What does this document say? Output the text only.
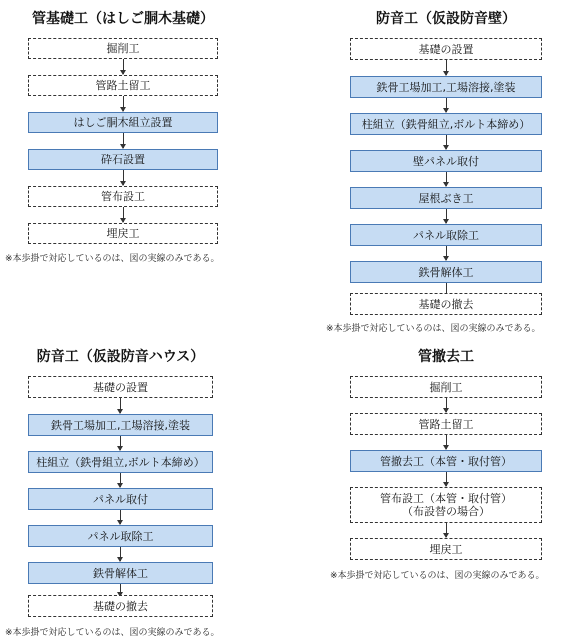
管基礎工（はしご胴木基礎）
掘削工
管路土留工
はしご胴木組立設置
砕石設置
管布設工
埋戻工
※本歩掛で対応しているのは、図の実線のみである。
防音工（仮設防音壁）
基礎の設置
鉄骨工場加工,工場溶接,塗装
柱組立（鉄骨組立,ボルト本締め）
壁パネル取付
屋根ぶき工
パネル取除工
鉄骨解体工
基礎の撤去
※本歩掛で対応しているのは、図の実線のみである。
防音工（仮設防音ハウス）
基礎の設置
鉄骨工場加工,工場溶接,塗装
柱組立（鉄骨組立,ボルト本締め）
パネル取付
パネル取除工
鉄骨解体工
基礎の撤去
※本歩掛で対応しているのは、図の実線のみである。
管撤去工
掘削工
管路土留工
管撤去工（本管・取付管）
管布設工（本管・取付管）
（布設替の場合）
埋戻工
※本歩掛で対応しているのは、図の実線のみである。
